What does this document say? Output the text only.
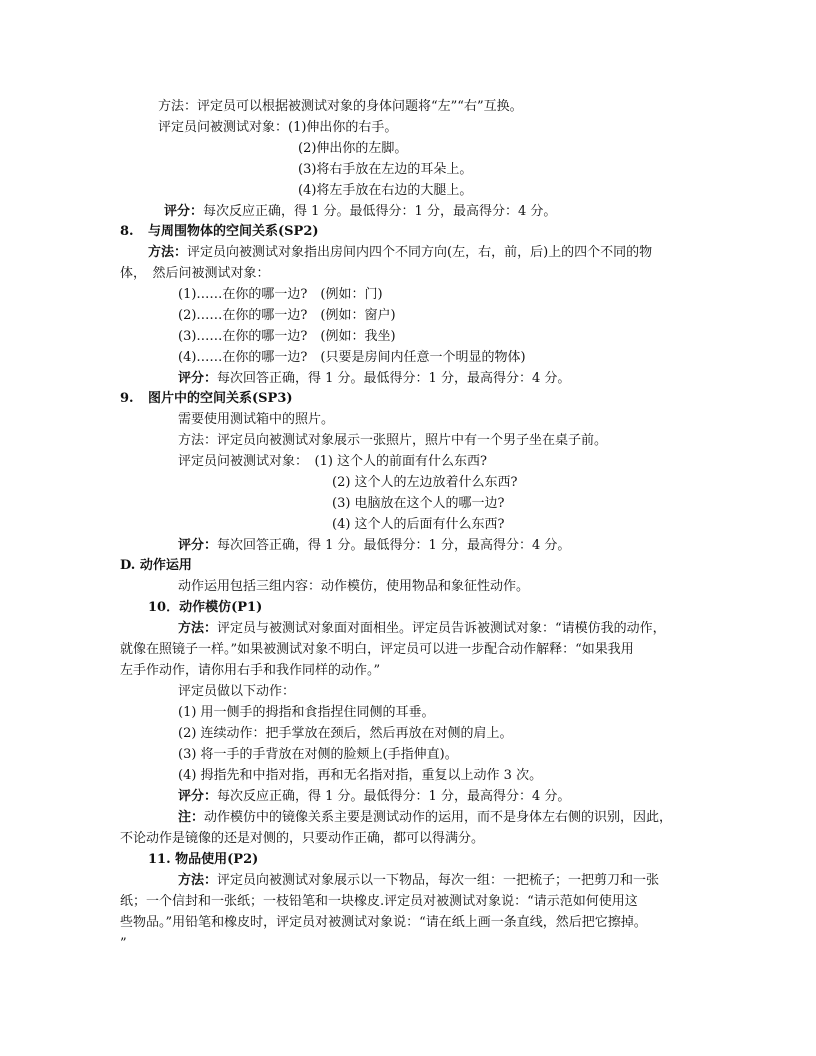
方法：评定员可以根据被测试对象的身体问题将“左”“右”互换。
评定员问被测试对象：(1)伸出你的右手。
(2)伸出你的左脚。
(3)将右手放在左边的耳朵上。
(4)将左手放在右边的大腿上。
评分：每次反应正确，得 1 分。最低得分：1 分，最高得分：4 分。
8. 与周围物体的空间关系(SP2)
方法：评定员向被测试对象指出房间内四个不同方向(左，右，前，后)上的四个不同的物
体，　然后问被测试对象：
(1)……在你的哪一边?　(例如：门)
(2)……在你的哪一边?　(例如：窗户)
(3)……在你的哪一边?　(例如：我坐)
(4)……在你的哪一边?　(只要是房间内任意一个明显的物体)
评分：每次回答正确，得 1 分。最低得分：1 分，最高得分：4 分。
9. 图片中的空间关系(SP3)
需要使用测试箱中的照片。
方法：评定员向被测试对象展示一张照片，照片中有一个男子坐在桌子前。
评定员问被测试对象：　(1) 这个人的前面有什么东西?
(2) 这个人的左边放着什么东西?
(3) 电脑放在这个人的哪一边?
(4) 这个人的后面有什么东西?
评分：每次回答正确，得 1 分。最低得分：1 分，最高得分：4 分。
D. 动作运用
动作运用包括三组内容：动作模仿，使用物品和象征性动作。
10．动作模仿(P1)
方法：评定员与被测试对象面对面相坐。评定员告诉被测试对象：“请模仿我的动作，
就像在照镜子一样。”如果被测试对象不明白，评定员可以进一步配合动作解释：“如果我用
左手作动作，请你用右手和我作同样的动作。”
评定员做以下动作：
(1) 用一侧手的拇指和食指捏住同侧的耳垂。
(2) 连续动作：把手掌放在颈后，然后再放在对侧的肩上。
(3) 将一手的手背放在对侧的脸颊上(手指伸直)。
(4) 拇指先和中指对指，再和无名指对指，重复以上动作 3 次。
评分：每次反应正确，得 1 分。最低得分：1 分，最高得分：4 分。
注：动作模仿中的镜像关系主要是测试动作的运用，而不是身体左右侧的识别，因此，
不论动作是镜像的还是对侧的，只要动作正确，都可以得满分。
11. 物品使用(P2)
方法：评定员向被测试对象展示以一下物品，每次一组：一把梳子；一把剪刀和一张
纸；一个信封和一张纸；一枝铅笔和一块橡皮.评定员对被测试对象说：“请示范如何使用这
些物品。”用铅笔和橡皮时，评定员对被测试对象说：“请在纸上画一条直线，然后把它擦掉。
”
